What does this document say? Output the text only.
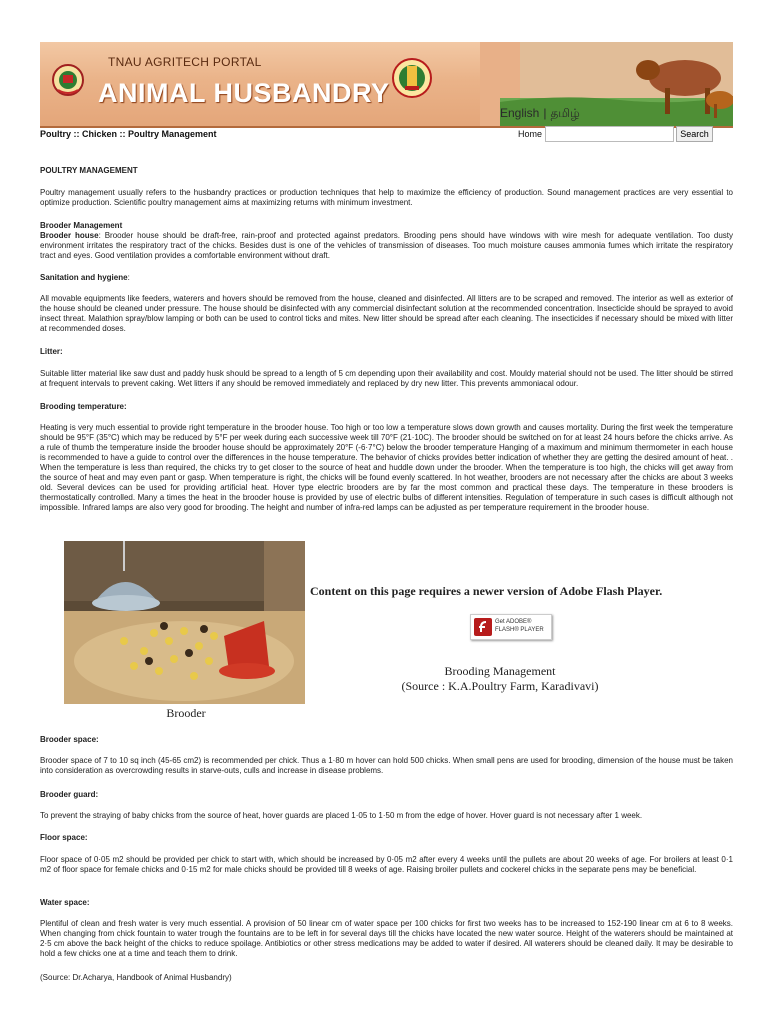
TNAU AGRITECH PORTAL
ANIMAL HUSBANDRY
English | தமிழ்
Poultry :: Chicken :: Poultry Management	Home	Search
POULTRY MANAGEMENT
Poultry management usually refers to the husbandry practices or production techniques that help to maximize the efficiency of production. Sound management practices are very essential to optimize production. Scientific poultry management aims at maximizing returns with minimum investment.
Brooder Management
Brooder house: Brooder house should be draft-free, rain-proof and protected against predators. Brooding pens should have windows with wire mesh for adequate ventilation. Too dusty environment irritates the respiratory tract of the chicks. Besides dust is one of the vehicles of transmission of diseases. Too much moisture causes ammonia fumes which irritate the respiratory tract and eyes. Good ventilation provides a comfortable environment without draft.
Sanitation and hygiene:
All movable equipments like feeders, waterers and hovers should be removed from the house, cleaned and disinfected. All litters are to be scraped and removed. The interior as well as exterior of the house should be cleaned under pressure. The house should be disinfected with any commercial disinfectant solution at the recommended concentration. Insecticide should be sprayed to avoid insect threat. Malathion spray/blow lamping or both can be used to control ticks and mites. New litter should be spread after each cleaning. The insecticides if necessary should be mixed with litter at recommended doses.
Litter:
Suitable litter material like saw dust and paddy husk should be spread to a length of 5 cm depending upon their availability and cost. Mouldy material should not be used. The litter should be stirred at frequent intervals to prevent caking. Wet litters if any should be removed immediately and replaced by dry new litter. This prevents ammoniacal odour.
Brooding temperature:
Heating is very much essential to provide right temperature in the brooder house. Too high or too low a temperature slows down growth and causes mortality. During the first week the temperature should be 95°F (35°C) which may be reduced by 5°F per week during each successive week till 70°F (21·10C). The brooder should be switched on for at least 24 hours before the chicks arrive. As a rule of thumb the temperature inside the brooder house should be approximately 20°F (-6·7°C) below the brooder temperature Hanging of a maximum and minimum thermometer in each house is recommended to have a guide to control over the differences in the house temperature. The behavior of chicks provides better indication of whether they are getting the desired amount of heat. . When the temperature is less than required, the chicks try to get closer to the source of heat and huddle down under the brooder. When the temperature is too high, the chicks will get away from the source of heat and may even pant or gasp. When temperature is right, the chicks will be found evenly scattered. In hot weather, brooders are not necessary after the chicks are about 3 weeks old. Several devices can be used for providing artificial heat. Hover type electric brooders are by far the most common and practical these days. The temperature in these brooders is thermostatically controlled. Many a times the heat in the brooder house is provided by use of electric bulbs of different intensities. Regulation of temperature in such cases is difficult although not impossible. Infrared lamps are also very good for brooding. The height and number of infra-red lamps can be adjusted as per temperature requirement in the brooder house.
Brooder
Content on this page requires a newer version of Adobe Flash Player.
Get ADOBE®
FLASH® PLAYER
Brooding Management
(Source : K.A.Poultry Farm, Karadivavi)
Brooder space:
Brooder space of 7 to 10 sq inch (45-65 cm2) is recommended per chick. Thus a 1·80 m hover can hold 500 chicks. When small pens are used for brooding, dimension of the house must be taken into consideration as overcrowding results in starve-outs, culls and increase in disease problems.
Brooder guard:
To prevent the straying of baby chicks from the source of heat, hover guards are placed 1·05 to 1·50 m from the edge of hover. Hover guard is not necessary after 1 week.
Floor space:
Floor space of 0·05 m2 should be provided per chick to start with, which should be increased by 0·05 m2 after every 4 weeks until the pullets are about 20 weeks of age. For broilers at least 0·1 m2 of floor space for female chicks and 0·15 m2 for male chicks should be provided till 8 weeks of age. Raising broiler pullets and cockerel chicks in the separate pens may be beneficial.
Water space:
Plentiful of clean and fresh water is very much essential. A provision of 50 linear cm of water space per 100 chicks for first two weeks has to be increased to 152-190 linear cm at 6 to 8 weeks. When changing from chick fountain to water trough the fountains are to be left in for several days till the chicks have located the new water source. Height of the waterers should be maintained at 2·5 cm above the back height of the chicks to reduce spoilage. Antibiotics or other stress medications may be added to water if desired. All waterers should be cleaned daily. It may be desirable to hold a few chicks one at a time and teach them to drink.
(Source: Dr.Acharya, Handbook of Animal Husbandry)
